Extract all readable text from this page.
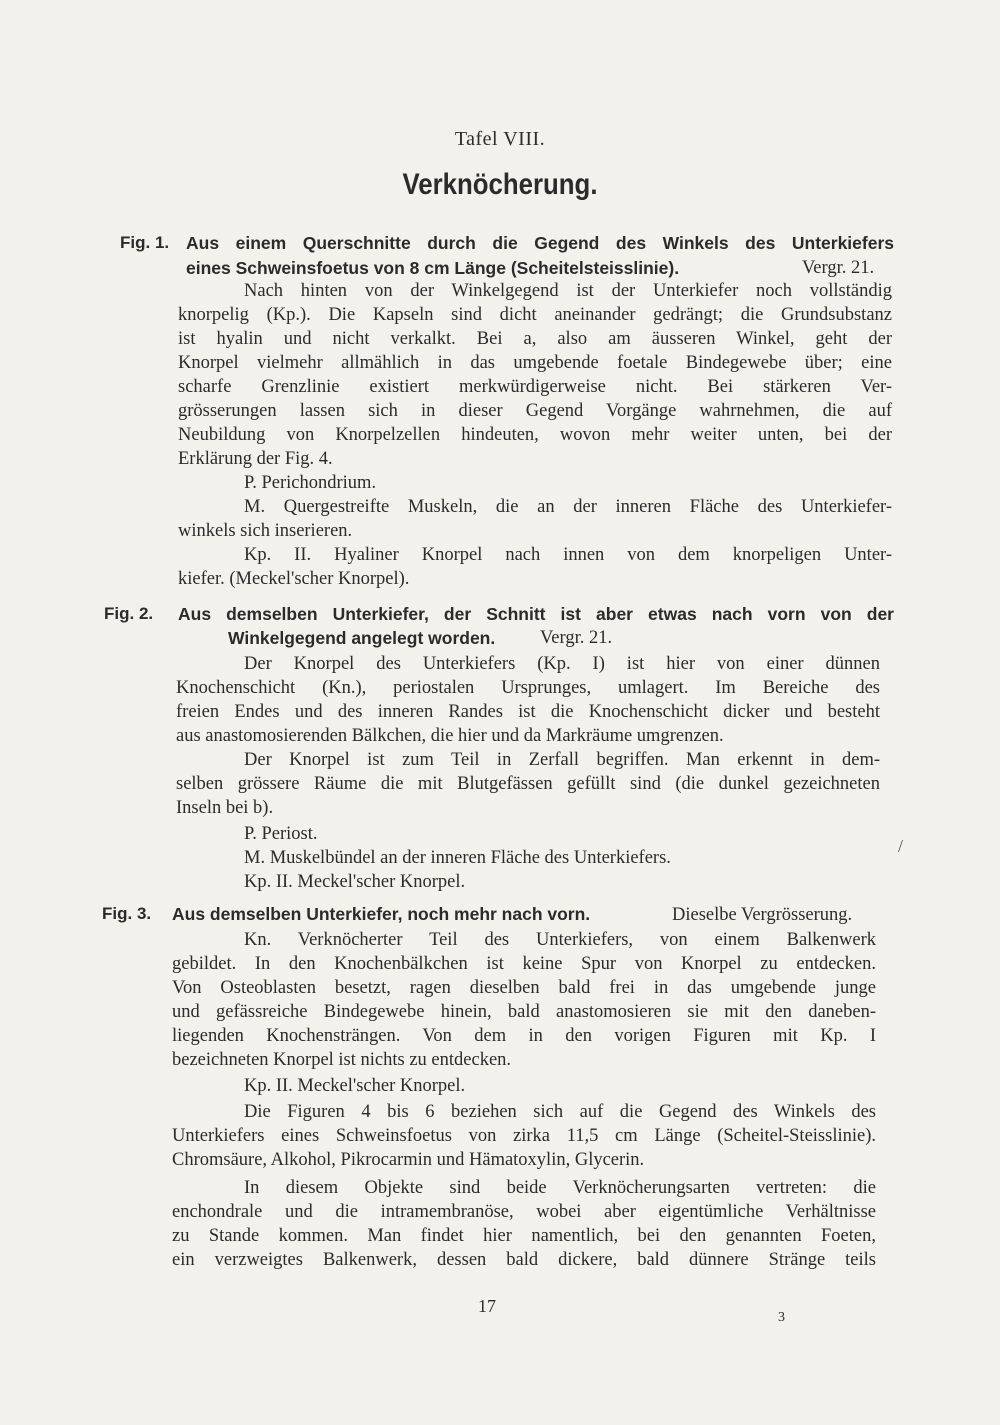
Tafel VIII.
Verknöcherung.
Fig. 1. Aus einem Querschnitte durch die Gegend des Winkels des Unterkiefers
eines Schweinsfoetus von 8 cm Länge (Scheitelsteisslinie).	Vergr. 21.
Nach hinten von der Winkelgegend ist der Unterkiefer noch vollständig
knorpelig (Kp.). Die Kapseln sind dicht aneinander gedrängt; die Grundsubstanz
ist hyalin und nicht verkalkt. Bei a, also am äusseren Winkel, geht der
Knorpel vielmehr allmählich in das umgebende foetale Bindegewebe über; eine
scharfe Grenzlinie existiert merkwürdigerweise nicht. Bei stärkeren Ver-
grösserungen lassen sich in dieser Gegend Vorgänge wahrnehmen, die auf
Neubildung von Knorpelzellen hindeuten, wovon mehr weiter unten, bei der
Erklärung der Fig. 4.
P. Perichondrium.
M. Quergestreifte Muskeln, die an der inneren Fläche des Unterkiefer-
winkels sich inserieren.
Kp. II. Hyaliner Knorpel nach innen von dem knorpeligen Unter-
kiefer. (Meckel'scher Knorpel).
Fig. 2. Aus demselben Unterkiefer, der Schnitt ist aber etwas nach vorn von der
Winkelgegend angelegt worden. Vergr. 21.
Der Knorpel des Unterkiefers (Kp. I) ist hier von einer dünnen
Knochenschicht (Kn.), periostalen Ursprunges, umlagert. Im Bereiche des
freien Endes und des inneren Randes ist die Knochenschicht dicker und besteht
aus anastomosierenden Bälkchen, die hier und da Markräume umgrenzen.
Der Knorpel ist zum Teil in Zerfall begriffen. Man erkennt in dem-
selben grössere Räume die mit Blutgefässen gefüllt sind (die dunkel gezeichneten
Inseln bei b).
P. Periost.
M. Muskelbündel an der inneren Fläche des Unterkiefers.
Kp. II. Meckel'scher Knorpel.
Fig. 3. Aus demselben Unterkiefer, noch mehr nach vorn.	Dieselbe Vergrösserung.
Kn. Verknöcherter Teil des Unterkiefers, von einem Balkenwerk
gebildet. In den Knochenbälkchen ist keine Spur von Knorpel zu entdecken.
Von Osteoblasten besetzt, ragen dieselben bald frei in das umgebende junge
und gefässreiche Bindegewebe hinein, bald anastomosieren sie mit den daneben-
liegenden Knochensträngen. Von dem in den vorigen Figuren mit Kp. I
bezeichneten Knorpel ist nichts zu entdecken.
Kp. II. Meckel'scher Knorpel.
Die Figuren 4 bis 6 beziehen sich auf die Gegend des Winkels des
Unterkiefers eines Schweinsfoetus von zirka 11,5 cm Länge (Scheitel-Steisslinie).
Chromsäure, Alkohol, Pikrocarmin und Hämatoxylin, Glycerin.
In diesem Objekte sind beide Verknöcherungsarten vertreten: die
enchondrale und die intramembranöse, wobei aber eigentümliche Verhältnisse
zu Stande kommen. Man findet hier namentlich, bei den genannten Foeten,
ein verzweigtes Balkenwerk, dessen bald dickere, bald dünnere Stränge teils
/
17
3
